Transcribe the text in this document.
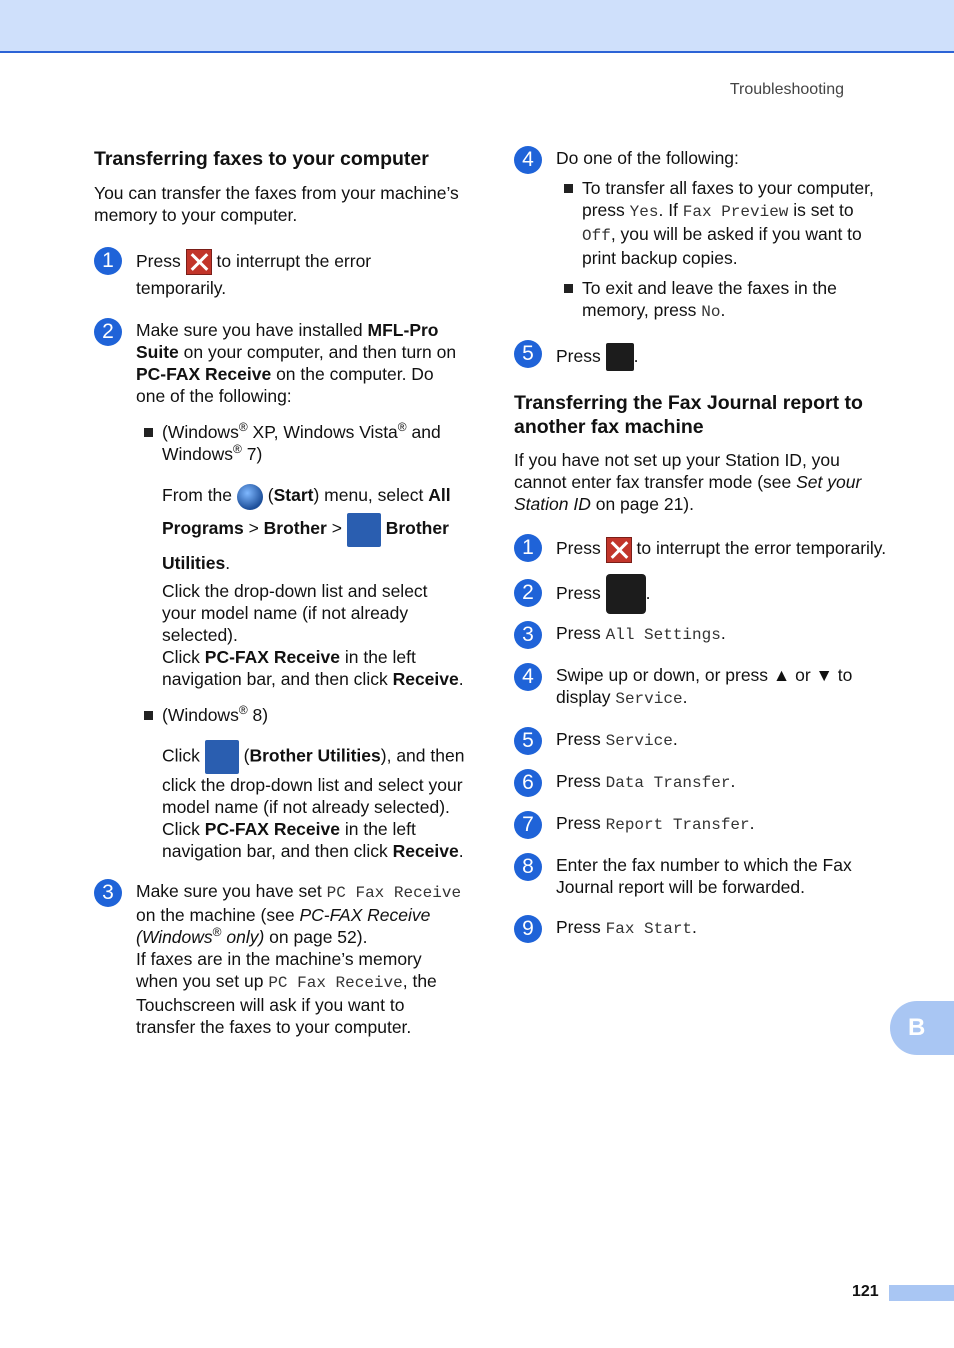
Troubleshooting
Transferring faxes to your computer

You can transfer the faxes from your machine’s memory to your computer.

1	Press to interrupt the error temporarily.
2	Make sure you have installed MFL-Pro Suite on your computer, and then turn on PC-FAX Receive on the computer. Do one of the following:

(Windows® XP, Windows Vista® and Windows® 7)

From the  (Start) menu, select All Programs > Brother >  Brother Utilities.

Click the drop-down list and select your model name (if not already selected).

Click PC-FAX Receive in the left navigation bar, and then click Receive.

(Windows® 8)

Click  (Brother Utilities), and then click the drop-down list and select your model name (if not already selected). Click PC-FAX Receive in the left navigation bar, and then click Receive.

3	Make sure you have set PC Fax Receive on the machine (see PC-FAX Receive (Windows® only) on page 52).

If faxes are in the machine’s memory when you set up PC Fax Receive, the Touchscreen will ask if you want to transfer the faxes to your computer.

4	Do one of the following:
To transfer all faxes to your computer, press Yes. If Fax Preview is set to Off, you will be asked if you want to print backup copies.
To exit and leave the faxes in the memory, press No.
5	Press .
Transferring the Fax Journal report to another fax machine

If you have not set up your Station ID, you cannot enter fax transfer mode (see Set your Station ID on page 21).

1	Press to interrupt the error temporarily.
2	Press	.
3	Press All Settings.
4	Swipe up or down, or press ▲ or ▼ to display Service.
5	Press Service.
6	Press Data Transfer.
7	Press Report Transfer.
8	Enter the fax number to which the Fax Journal report will be forwarded.
9	Press Fax Start.
B
121
